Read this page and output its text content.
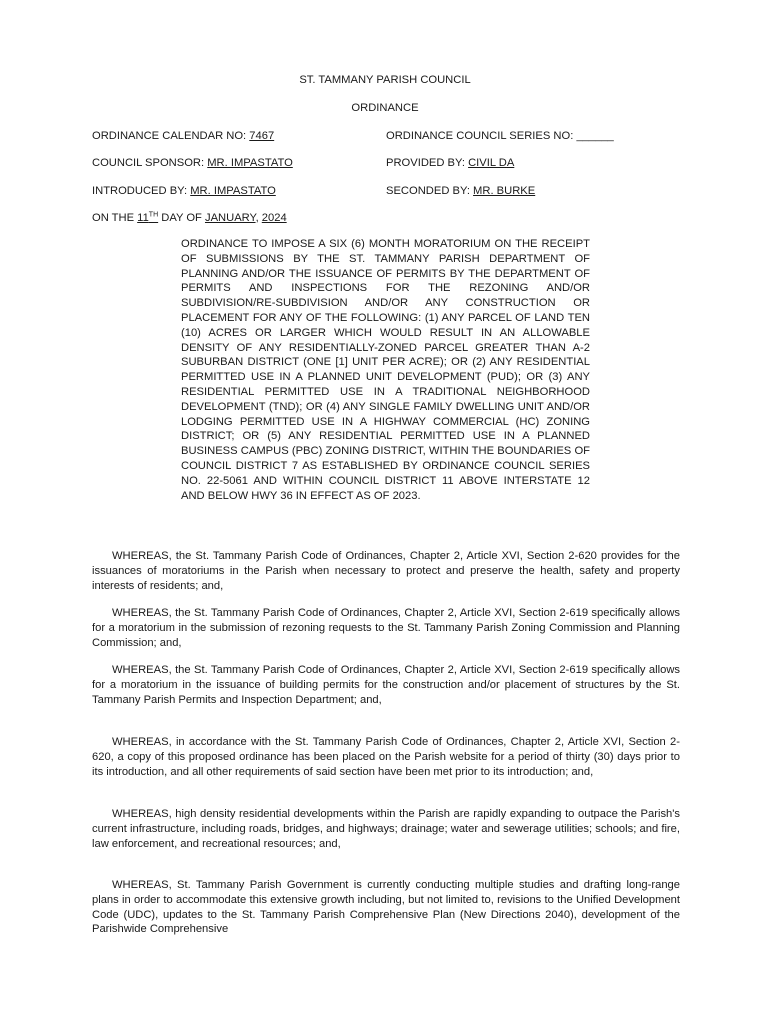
ST. TAMMANY PARISH COUNCIL
ORDINANCE
ORDINANCE CALENDAR NO: 7467	ORDINANCE COUNCIL SERIES NO: ______
COUNCIL SPONSOR: MR. IMPASTATO	PROVIDED BY: CIVIL DA
INTRODUCED BY: MR. IMPASTATO	SECONDED BY: MR. BURKE
ON THE 11TH DAY OF JANUARY, 2024
ORDINANCE TO IMPOSE A SIX (6) MONTH MORATORIUM ON THE RECEIPT OF SUBMISSIONS BY THE ST. TAMMANY PARISH DEPARTMENT OF PLANNING AND/OR THE ISSUANCE OF PERMITS BY THE DEPARTMENT OF PERMITS AND INSPECTIONS FOR THE REZONING AND/OR SUBDIVISION/RE-SUBDIVISION AND/OR ANY CONSTRUCTION OR PLACEMENT FOR ANY OF THE FOLLOWING: (1) ANY PARCEL OF LAND TEN (10) ACRES OR LARGER WHICH WOULD RESULT IN AN ALLOWABLE DENSITY OF ANY RESIDENTIALLY-ZONED PARCEL GREATER THAN A-2 SUBURBAN DISTRICT (ONE [1] UNIT PER ACRE); OR (2) ANY RESIDENTIAL PERMITTED USE IN A PLANNED UNIT DEVELOPMENT (PUD); OR (3) ANY RESIDENTIAL PERMITTED USE IN A TRADITIONAL NEIGHBORHOOD DEVELOPMENT (TND); OR (4) ANY SINGLE FAMILY DWELLING UNIT AND/OR LODGING PERMITTED USE IN A HIGHWAY COMMERCIAL (HC) ZONING DISTRICT; OR (5) ANY RESIDENTIAL PERMITTED USE IN A PLANNED BUSINESS CAMPUS (PBC) ZONING DISTRICT, WITHIN THE BOUNDARIES OF COUNCIL DISTRICT 7 AS ESTABLISHED BY ORDINANCE COUNCIL SERIES NO. 22-5061 AND WITHIN COUNCIL DISTRICT 11 ABOVE INTERSTATE 12 AND BELOW HWY 36 IN EFFECT AS OF 2023.
WHEREAS, the St. Tammany Parish Code of Ordinances, Chapter 2, Article XVI, Section 2-620 provides for the issuances of moratoriums in the Parish when necessary to protect and preserve the health, safety and property interests of residents; and,
WHEREAS, the St. Tammany Parish Code of Ordinances, Chapter 2, Article XVI, Section 2-619 specifically allows for a moratorium in the submission of rezoning requests to the St. Tammany Parish Zoning Commission and Planning Commission; and,
WHEREAS, the St. Tammany Parish Code of Ordinances, Chapter 2, Article XVI, Section 2-619 specifically allows for a moratorium in the issuance of building permits for the construction and/or placement of structures by the St. Tammany Parish Permits and Inspection Department; and,
WHEREAS, in accordance with the St. Tammany Parish Code of Ordinances, Chapter 2, Article XVI, Section 2-620, a copy of this proposed ordinance has been placed on the Parish website for a period of thirty (30) days prior to its introduction, and all other requirements of said section have been met prior to its introduction; and,
WHEREAS, high density residential developments within the Parish are rapidly expanding to outpace the Parish's current infrastructure, including roads, bridges, and highways; drainage; water and sewerage utilities; schools; and fire, law enforcement, and recreational resources; and,
WHEREAS, St. Tammany Parish Government is currently conducting multiple studies and drafting long-range plans in order to accommodate this extensive growth including, but not limited to, revisions to the Unified Development Code (UDC), updates to the St. Tammany Parish Comprehensive Plan (New Directions 2040), development of the Parishwide Comprehensive
